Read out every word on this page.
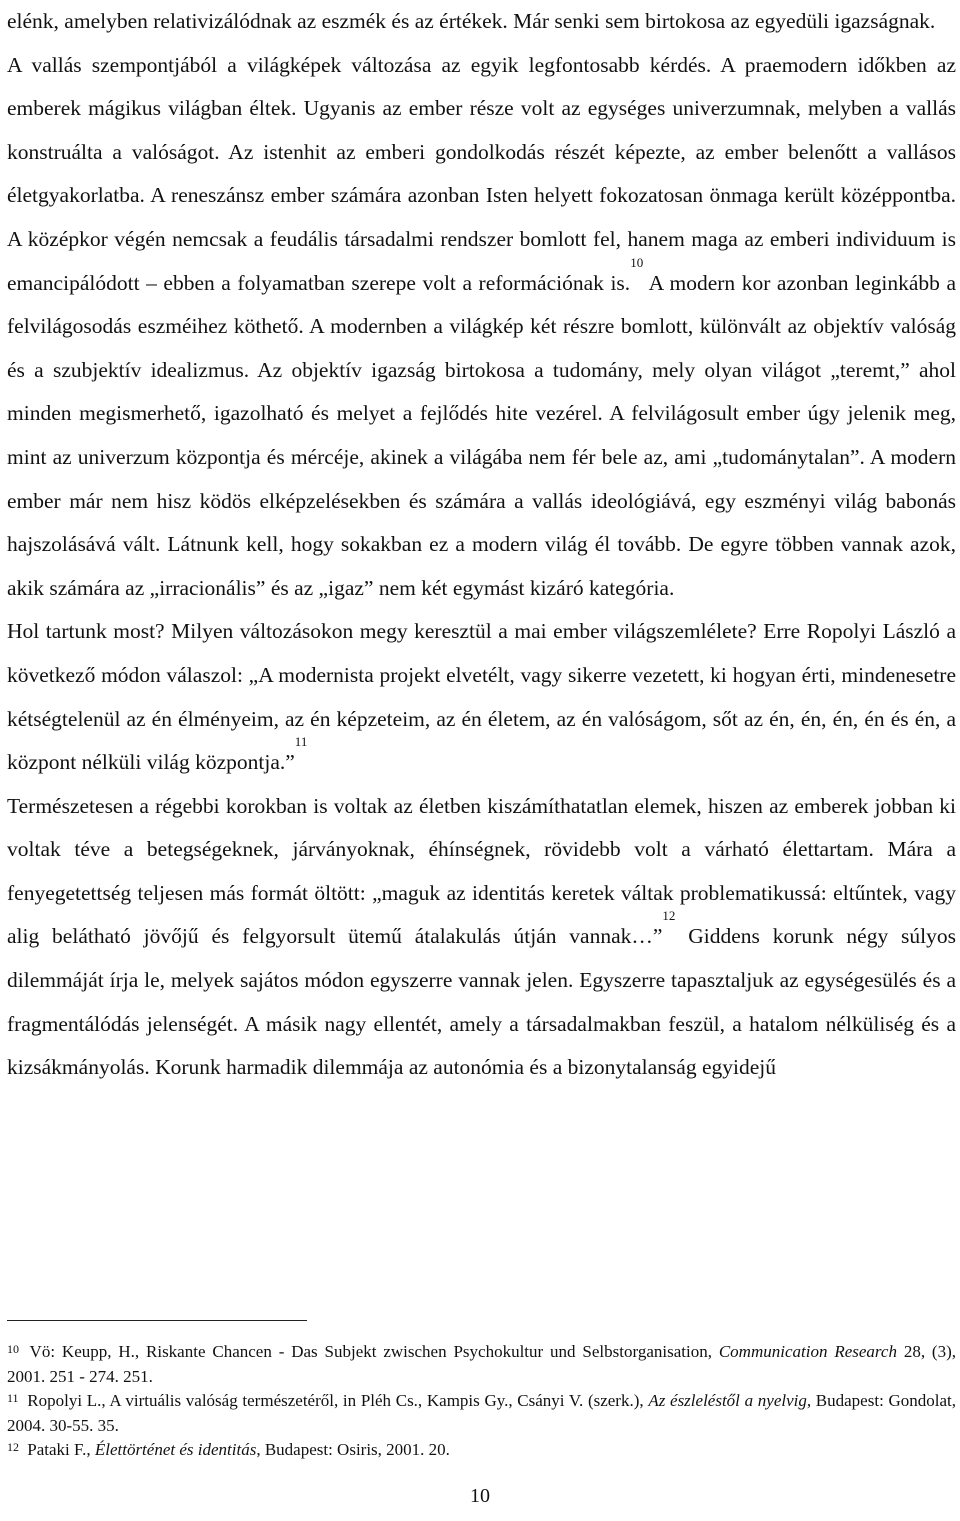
elénk, amelyben relativizálódnak az eszmék és az értékek. Már senki sem birtokosa az egyedüli igazságnak.

A vallás szempontjából a világképek változása az egyik legfontosabb kérdés. A praemodern időkben az emberek mágikus világban éltek. Ugyanis az ember része volt az egységes univerzumnak, melyben a vallás konstruálta a valóságot. Az istenhit az emberi gondolkodás részét képezte, az ember belenőtt a vallásos életgyakorlatba. A reneszánsz ember számára azonban Isten helyett fokozatosan önmaga került középpontba. A középkor végén nemcsak a feudális társadalmi rendszer bomlott fel, hanem maga az emberi individuum is emancipálódott – ebben a folyamatban szerepe volt a reformációnak is.$^{10}$ A modern kor azonban leginkább a felvilágosodás eszméihez köthető. A modernben a világkép két részre bomlott, különvált az objektív valóság és a szubjektív idealizmus. Az objektív igazság birtokosa a tudomány, mely olyan világot „teremt,” ahol minden megismerhető, igazolható és melyet a fejlődés hite vezérel. A felvilágosult ember úgy jelenik meg, mint az univerzum központja és mércéje, akinek a világába nem fér bele az, ami „tudománytalan”. A modern ember már nem hisz ködös elképzelésekben és számára a vallás ideológiává, egy eszményi világ babonás hajszolásává vált. Látnunk kell, hogy sokakban ez a modern világ él tovább. De egyre többen vannak azok, akik számára az „irracionális” és az „igaz” nem két egymást kizáró kategória.

Hol tartunk most? Milyen változásokon megy keresztül a mai ember világszemlélete? Erre Ropolyi László a következő módon válaszol: „A modernista projekt elvetélt, vagy sikerre vezetett, ki hogyan érti, mindenesetre kétségtelenül az én élményeim, az én képzeteim, az én életem, az én valóságom, sőt az én, én, én, én és én, a központ nélküli világ központja.”$^{11}$

Természetesen a régebbi korokban is voltak az életben kiszámíthatatlan elemek, hiszen az emberek jobban ki voltak téve a betegségeknek, járványoknak, éhínségnek, rövidebb volt a várható élettartam. Mára a fenyegetettség teljesen más formát öltött: „maguk az identitás keretek váltak problematikussá: eltűntek, vagy alig belátható jövőjű és felgyorsult ütemű átalakulás útján vannak…”$^{12}$ Giddens korunk négy súlyos dilemmáját írja le, melyek sajátos módon egyszerre vannak jelen. Egyszerre tapasztaljuk az egységesülés és a fragmentálódás jelenségét. A másik nagy ellentét, amely a társadalmakban feszül, a hatalom nélküliség és a kizsákmányolás. Korunk harmadik dilemmája az autonómia és a bizonytalanság egyidejű

$^{10}$ Vö: Keupp, H., Riskante Chancen - Das Subjekt zwischen Psychokultur und Selbstorganisation, Communication Research 28, (3), 2001. 251 - 274. 251.

$^{11}$ Ropolyi L., A virtuális valóság természetéről, in Pléh Cs., Kampis Gy., Csányi V. (szerk.), Az észleléstől a nyelvig, Budapest: Gondolat, 2004. 30-55. 35.

$^{12}$ Pataki F., Élettörténet és identitás, Budapest: Osiris, 2001. 20.

10
